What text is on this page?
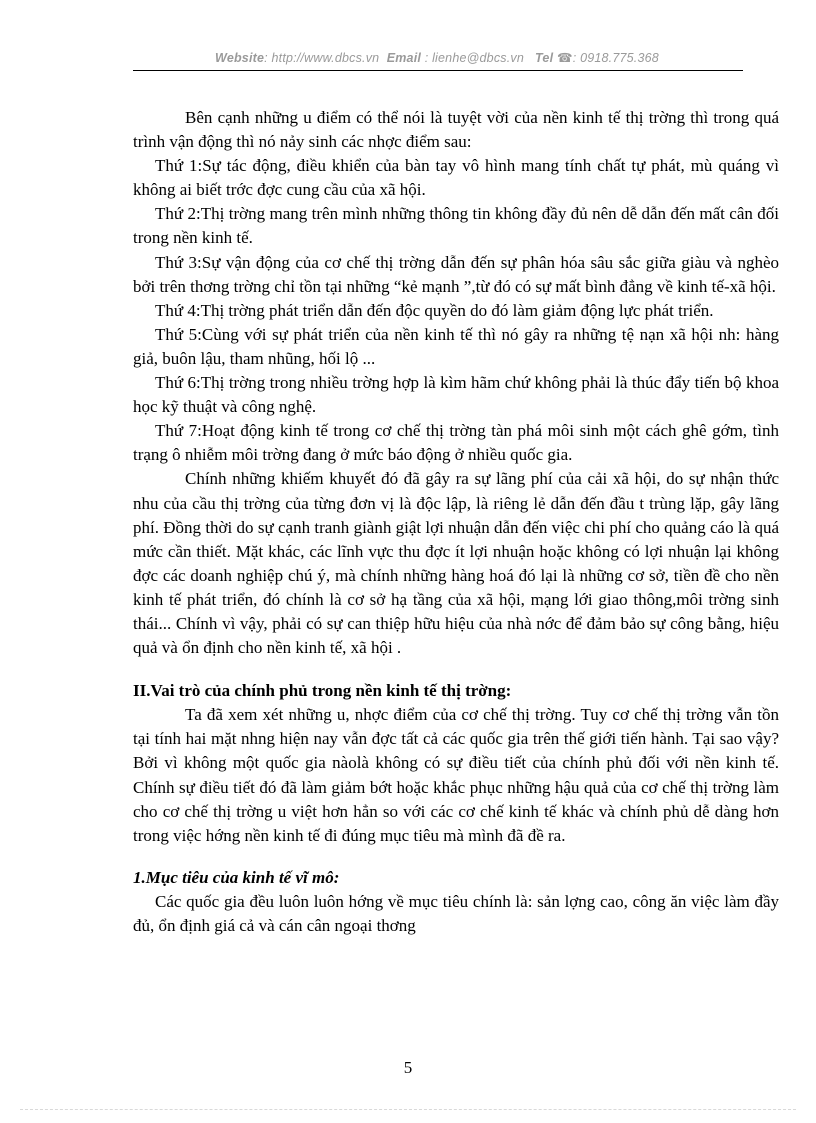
Website: http://www.dbcs.vn Email : lienhe@dbcs.vn Tel ☎: 0918.775.368

Bên cạnh những u điểm có thể nói là tuyệt vời của nền kinh tế thị trờng thì trong quá trình vận động thì nó nảy sinh các nhợc điểm sau:

Thứ 1:Sự tác động, điều khiển của bàn tay vô hình mang tính chất tự phát, mù quáng vì không ai biết trớc đợc cung cầu của xã hội.

Thứ 2:Thị trờng mang trên mình những thông tin không đầy đủ nên dễ dẫn đến mất cân đối trong nền kinh tế.

Thứ 3:Sự vận động của cơ chế thị trờng dẫn đến sự phân hóa sâu sắc giữa giàu và nghèo bởi trên thơng trờng chỉ tồn tại những “kẻ mạnh ”,từ đó có sự mất bình đẳng về kinh tế-xã hội.

Thứ 4:Thị trờng phát triển dẫn đến độc quyền do đó làm giảm động lực phát triển.

Thứ 5:Cùng với sự phát triển của nền kinh tế thì nó gây ra những tệ nạn xã hội nh: hàng giả, buôn lậu, tham nhũng, hối lộ ...

Thứ 6:Thị trờng trong nhiều trờng hợp là kìm hãm chứ không phải là thúc đẩy tiến bộ khoa học kỹ thuật và công nghệ.

Thứ 7:Hoạt động kinh tế trong cơ chế thị trờng tàn phá môi sinh một cách ghê gớm, tình trạng ô nhiễm môi trờng đang ở mức báo động ở nhiều quốc gia.

Chính những khiếm khuyết đó đã gây ra sự lãng phí của cải xã hội, do sự nhận thức nhu của cầu thị trờng của từng đơn vị là độc lập, là riêng lẻ dẫn đến đầu t trùng lặp, gây lãng phí. Đồng thời do sự cạnh tranh giành giật lợi nhuận dẫn đến việc chi phí cho quảng cáo là quá mức cần thiết. Mặt khác, các lĩnh vực thu đợc ít lợi nhuận hoặc không có lợi nhuận lại không đợc các doanh nghiệp chú ý, mà chính những hàng hoá đó lại là những cơ sở, tiền đề cho nền kinh tế phát triển, đó chính là cơ sở hạ tầng của xã hội, mạng lới giao thông,môi trờng sinh thái... Chính vì vậy, phải có sự can thiệp hữu hiệu của nhà nớc để đảm bảo sự công bằng, hiệu quả và ổn định cho nền kinh tế, xã hội .

II.Vai trò của chính phủ trong nền kinh tế thị trờng:

Ta đã xem xét những u, nhợc điểm của cơ chế thị trờng. Tuy cơ chế thị trờng vẫn tồn tại tính hai mặt nhng hiện nay vẫn đợc tất cả các quốc gia trên thế giới tiến hành. Tại sao vậy? Bởi vì không một quốc gia nàolà không có sự điều tiết của chính phủ đối với nền kinh tế. Chính sự điều tiết đó đã làm giảm bớt hoặc khắc phục những hậu quả của cơ chế thị trờng làm cho cơ chế thị trờng u việt hơn hẳn so với các cơ chế kinh tế khác và chính phủ dễ dàng hơn trong việc hớng nền kinh tế đi đúng mục tiêu mà mình đã đề ra.

1.Mục tiêu của kinh tế vĩ mô:

Các quốc gia đều luôn luôn hớng về mục tiêu chính là: sản lợng cao, công ăn việc làm đầy đủ, ổn định giá cả và cán cân ngoại thơng

5
